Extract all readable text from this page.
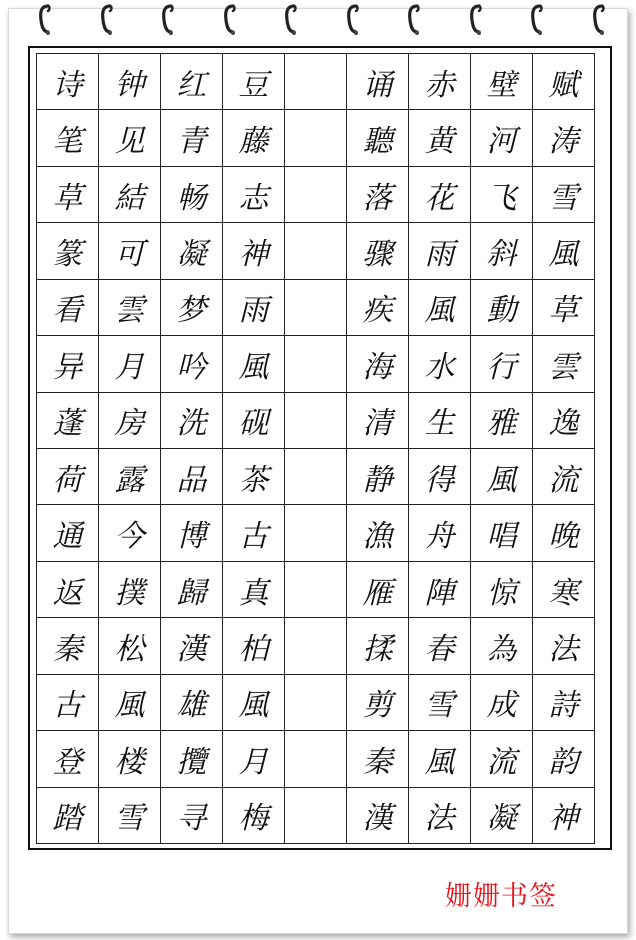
诗	钟	红	豆	诵	赤	壁	赋
笔	见	青	藤	聽	黄	河	涛
草	結	畅	志	落	花	飞	雪
篆	可	凝	神	骤	雨	斜	風
看	雲	梦	雨	疾	風	動	草
异	月	吟	風	海	水	行	雲
蓬	房	洗	砚	清	生	雅	逸
荷	露	品	茶	静	得	風	流
通	今	博	古	漁	舟	唱	晚
返	撲	歸	真	雁	陣	惊	寒
秦	松	漢	柏	揉	春	為	法
古	風	雄	風	剪	雪	成	詩
登	楼	攬	月	秦	風	流	韵
踏	雪	寻	梅	漢	法	凝	神
姗姗书签
